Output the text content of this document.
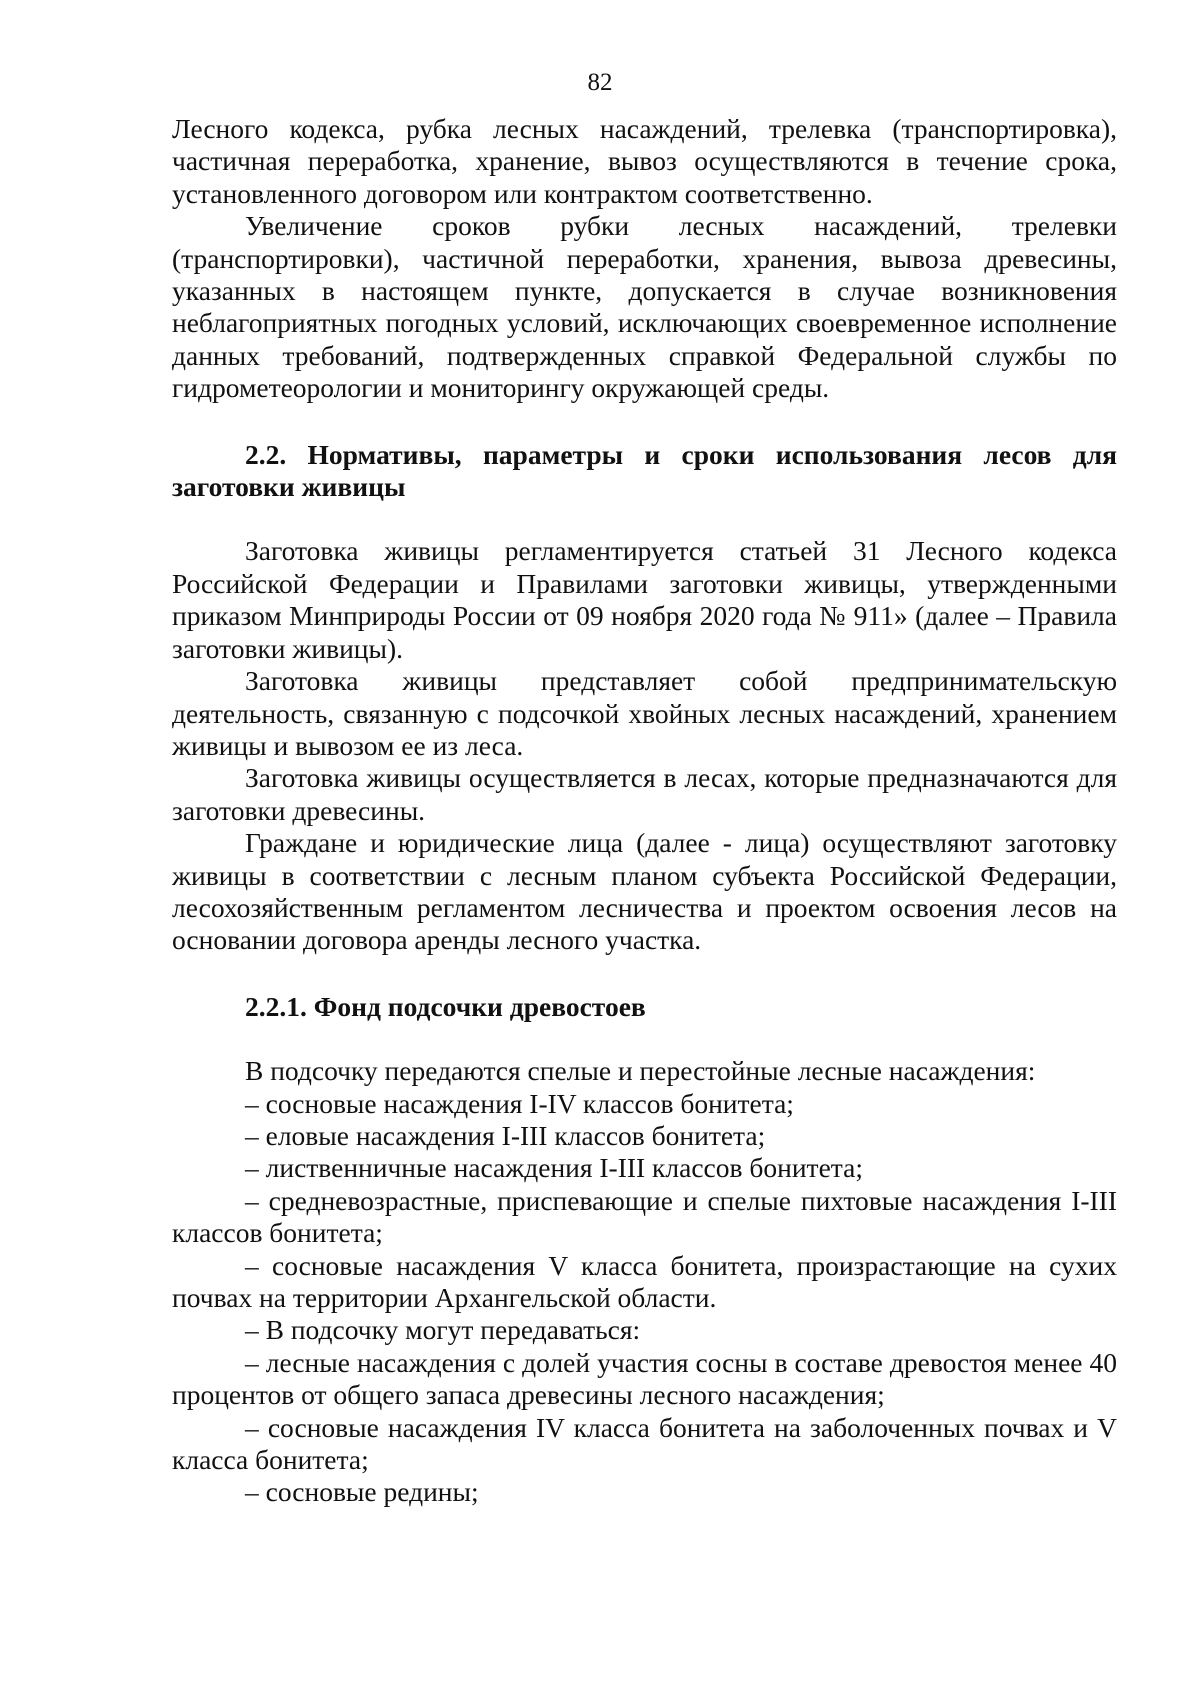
82

Лесного кодекса, рубка лесных насаждений, трелевка (транспортировка), частичная переработка, хранение, вывоз осуществляются в течение срока, установленного договором или контрактом соответственно.

Увеличение сроков рубки лесных насаждений, трелевки (транспортировки), частичной переработки, хранения, вывоза древесины, указанных в настоящем пункте, допускается в случае возникновения неблагоприятных погодных условий, исключающих своевременное исполнение данных требований, подтвержденных справкой Федеральной службы по гидрометеорологии и мониторингу окружающей среды.

2.2. Нормативы, параметры и сроки использования лесов для заготовки живицы

Заготовка живицы регламентируется статьей 31 Лесного кодекса Российской Федерации и Правилами заготовки живицы, утвержденными приказом Минприроды России от 09 ноября 2020 года № 911» (далее – Правила заготовки живицы).

Заготовка живицы представляет собой предпринимательскую деятельность, связанную с подсочкой хвойных лесных насаждений, хранением живицы и вывозом ее из леса.

Заготовка живицы осуществляется в лесах, которые предназначаются для заготовки древесины.

Граждане и юридические лица (далее - лица) осуществляют заготовку живицы в соответствии с лесным планом субъекта Российской Федерации, лесохозяйственным регламентом лесничества и проектом освоения лесов на основании договора аренды лесного участка.

2.2.1. Фонд подсочки древостоев

В подсочку передаются спелые и перестойные лесные насаждения:

– сосновые насаждения I-IV классов бонитета;

– еловые насаждения I-III классов бонитета;

– лиственничные насаждения I-III классов бонитета;

– средневозрастные, приспевающие и спелые пихтовые насаждения I-III классов бонитета;

– сосновые насаждения V класса бонитета, произрастающие на сухих почвах на территории Архангельской области.

– В подсочку могут передаваться:

– лесные насаждения с долей участия сосны в составе древостоя менее 40 процентов от общего запаса древесины лесного насаждения;

– сосновые насаждения IV класса бонитета на заболоченных почвах и V класса бонитета;

– сосновые редины;
